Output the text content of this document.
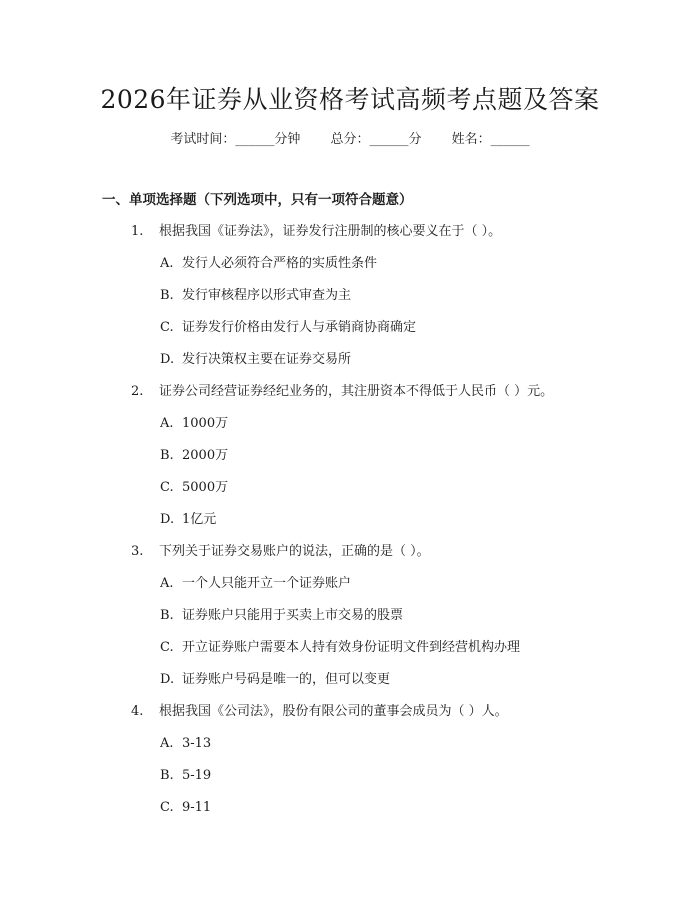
2026年证券从业资格考试高频考点题及答案
考试时间：______分钟 总分：______分 姓名：______
一、单项选择题（下列选项中，只有一项符合题意）
1. 根据我国《证券法》，证券发行注册制的核心要义在于（ ）。
A. 发行人必须符合严格的实质性条件
B. 发行审核程序以形式审查为主
C. 证券发行价格由发行人与承销商协商确定
D. 发行决策权主要在证券交易所
2. 证券公司经营证券经纪业务的，其注册资本不得低于人民币（ ）元。
A. 1000万
B. 2000万
C. 5000万
D. 1亿元
3. 下列关于证券交易账户的说法，正确的是（ ）。
A. 一个人只能开立一个证券账户
B. 证券账户只能用于买卖上市交易的股票
C. 开立证券账户需要本人持有效身份证明文件到经营机构办理
D. 证券账户号码是唯一的，但可以变更
4. 根据我国《公司法》，股份有限公司的董事会成员为（ ）人。
A. 3-13
B. 5-19
C. 9-11
